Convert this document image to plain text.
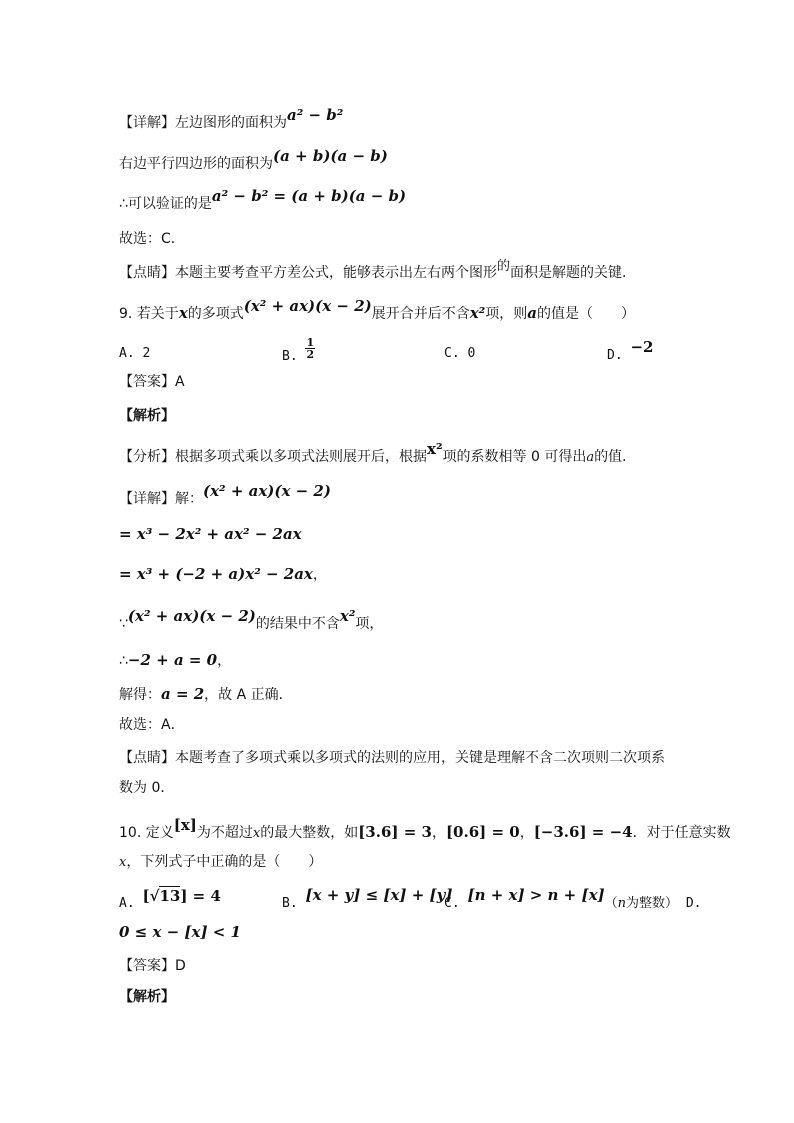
【详解】左边图形的面积为a² − b²
右边平行四边形的面积为(a + b)(a − b)
∴可以验证的是a² − b² = (a + b)(a − b)
故选：C．
【点睛】本题主要考查平方差公式，能够表示出左右两个图形的面积是解题的关键．
9. 若关于x的多项式(x² + ax)(x − 2)展开合并后不含x²项，则a的值是（　　）
A. 2	B. $\frac{1}{2}$	C. 0	D. −2
【答案】A
【解析】
【分析】根据多项式乘以多项式法则展开后，根据x²项的系数相等 0 可得出a的值．
【详解】解：(x² + ax)(x − 2)
= x³ − 2x² + ax² − 2ax
= x³ + (−2 + a)x² − 2ax，
∵(x² + ax)(x − 2)的结果中不含x²项，
∴−2 + a = 0，
解得：a = 2，故 A 正确．
故选：A．
【点睛】本题考查了多项式乘以多项式的法则的应用，关键是理解不含二次项则二次项系
数为 0．
10. 定义[x]为不超过x的最大整数，如[3.6] = 3，[0.6] = 0，[−3.6] = −4．对于任意实数
x，下列式子中正确的是（　　）
A. [√13] = 4	B. [x + y] ≤ [x] + [y]
C. [n + x] > n + [x]（n为整数） D.
0 ≤ x − [x] < 1
【答案】D
【解析】
